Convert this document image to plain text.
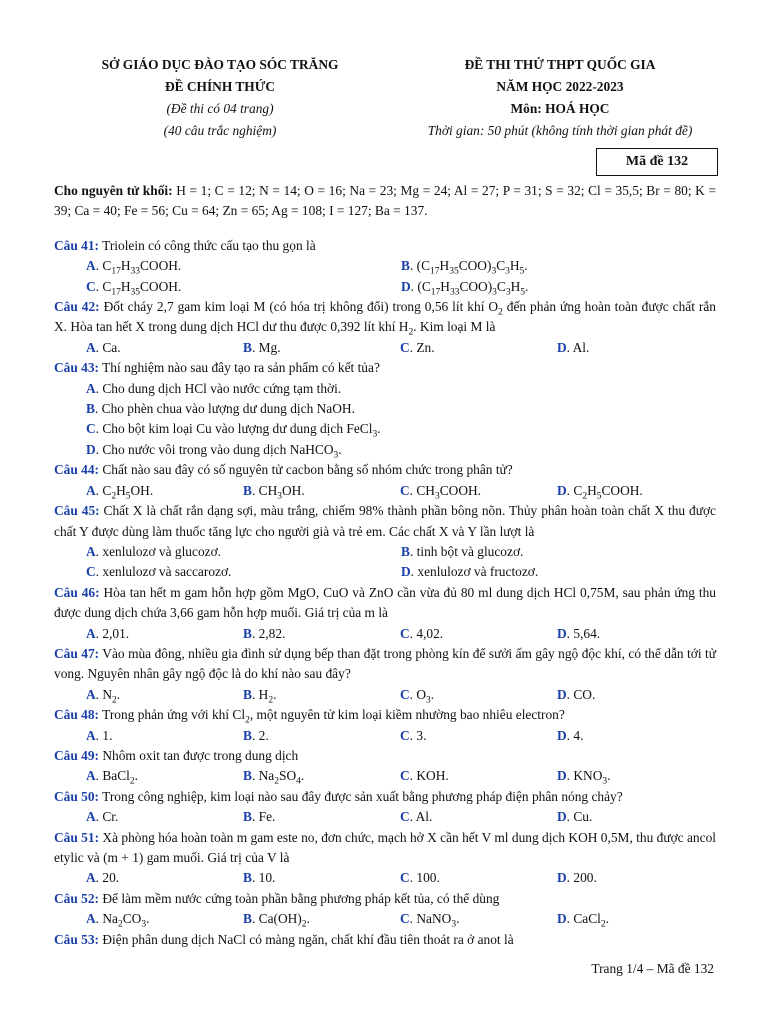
SỞ GIÁO DỤC ĐÀO TẠO SÓC TRĂNG
ĐỀ CHÍNH THỨC
(Đề thi có 04 trang)
(40 câu trắc nghiệm)
ĐỀ THI THỬ THPT QUỐC GIA
NĂM HỌC 2022-2023
Môn: HOÁ HỌC
Thời gian: 50 phút (không tính thời gian phát đề)
Mã đề 132
Cho nguyên tử khối: H = 1; C = 12; N = 14; O = 16; Na = 23; Mg = 24; Al = 27; P = 31; S = 32; Cl = 35,5; Br = 80; K = 39; Ca = 40; Fe = 56; Cu = 64; Zn = 65; Ag = 108; I = 127; Ba = 137.
Câu 41: Triolein có công thức cấu tạo thu gọn là
A. $C_{17}H_{33}COOH$.	B. $(C_{17}H_{35}COO)_3C_3H_5$.
C. $C_{17}H_{35}COOH$.	D. $(C_{17}H_{33}COO)_3C_3H_5$.
Câu 42: Đốt cháy 2,7 gam kim loại M (có hóa trị không đổi) trong 0,56 lít khí $O_2$ đến phản ứng hoàn toàn được chất rắn X. Hòa tan hết X trong dung dịch HCl dư thu được 0,392 lít khí $H_2$. Kim loại M là
A. Ca.	B. Mg.	C. Zn.	D. Al.
Câu 43: Thí nghiệm nào sau đây tạo ra sản phẩm có kết tủa?
A. Cho dung dịch HCl vào nước cứng tạm thời.
B. Cho phèn chua vào lượng dư dung dịch NaOH.
C. Cho bột kim loại Cu vào lượng dư dung dịch FeCl$_3$.
D. Cho nước vôi trong vào dung dịch NaHCO$_3$.
Câu 44: Chất nào sau đây có số nguyên tử cacbon bằng số nhóm chức trong phân tử?
A. $C_2H_5OH$.	B. $CH_3OH$.	C. $CH_3COOH$.	D. $C_2H_5COOH$.
Câu 45: Chất X là chất rắn dạng sợi, màu trắng, chiếm 98% thành phần bông nõn. Thủy phân hoàn toàn chất X thu được chất Y được dùng làm thuốc tăng lực cho người già và trẻ em. Các chất X và Y lần lượt là
A. xenlulozơ và glucozơ.	B. tinh bột và glucozơ.
C. xenlulozơ và saccarozơ.	D. xenlulozơ và fructozơ.
Câu 46: Hòa tan hết m gam hỗn hợp gồm MgO, CuO và ZnO cần vừa đủ 80 ml dung dịch HCl 0,75M, sau phản ứng thu được dung dịch chứa 3,66 gam hỗn hợp muối. Giá trị của m là
A. 2,01.	B. 2,82.	C. 4,02.	D. 5,64.
Câu 47: Vào mùa đông, nhiều gia đình sử dụng bếp than đặt trong phòng kín để sưởi ấm gây ngộ độc khí, có thể dẫn tới tử vong. Nguyên nhân gây ngộ độc là do khí nào sau đây?
A. $N_2$.	B. $H_2$.	C. $O_3$.	D. CO.
Câu 48: Trong phản ứng với khí $Cl_2$, một nguyên tử kim loại kiềm nhường bao nhiêu electron?
A. 1.	B. 2.	C. 3.	D. 4.
Câu 49: Nhôm oxit tan được trong dung dịch
A. BaCl$_2$.	B. $Na_2SO_4$.	C. KOH.	D. $KNO_3$.
Câu 50: Trong công nghiệp, kim loại nào sau đây được sản xuất bằng phương pháp điện phân nóng chảy?
A. Cr.	B. Fe.	C. Al.	D. Cu.
Câu 51: Xà phòng hóa hoàn toàn m gam este no, đơn chức, mạch hở X cần hết V ml dung dịch KOH 0,5M, thu được ancol etylic và (m + 1) gam muối. Giá trị của V là
A. 20.	B. 10.	C. 100.	D. 200.
Câu 52: Để làm mềm nước cứng toàn phần bằng phương pháp kết tủa, có thể dùng
A. $Na_2CO_3$.	B. $Ca(OH)_2$.	C. NaNO$_3$.	D. CaCl$_2$.
Câu 53: Điện phân dung dịch NaCl có màng ngăn, chất khí đầu tiên thoát ra ở anot là
Trang 1/4 – Mã đề 132
